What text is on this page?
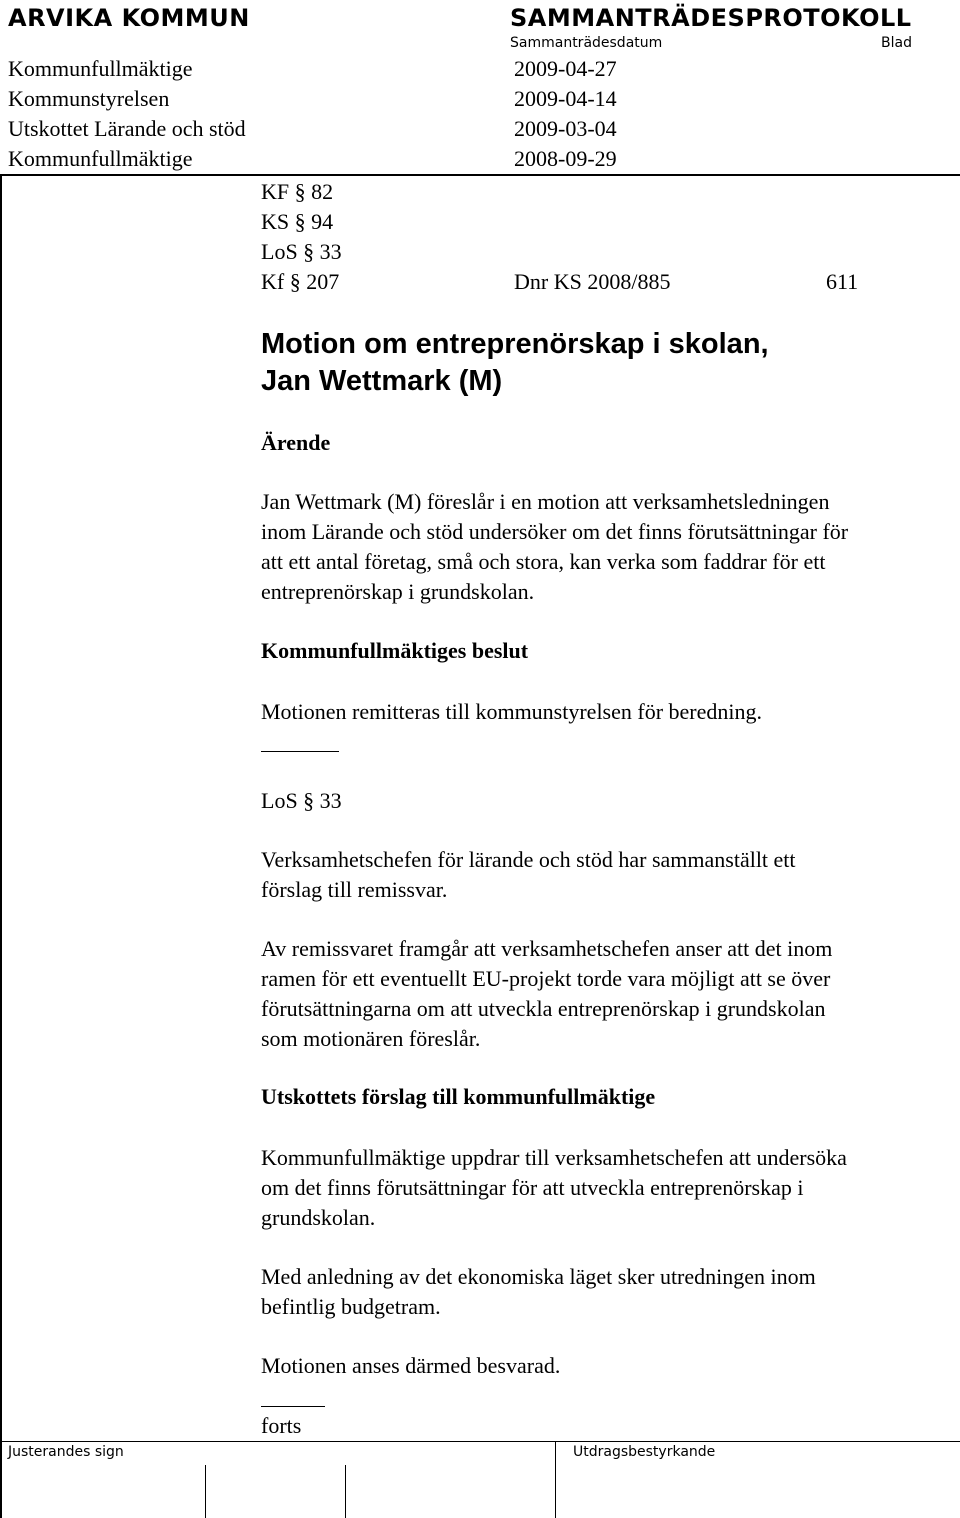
ARVIKA KOMMUN	SAMMANTRÄDESPROTOKOLL
Sammanträdesdatum	Blad
Kommunfullmäktige	2009-04-27
Kommunstyrelsen	2009-04-14
Utskottet Lärande och stöd	2009-03-04
Kommunfullmäktige	2008-09-29
KF § 82
KS § 94
LoS § 33
Kf § 207	Dnr KS 2008/885	611
Motion om entreprenörskap i skolan,
Jan Wettmark (M)
Ärende
Jan Wettmark (M) föreslår i en motion att verksamhetsledningen
inom Lärande och stöd undersöker om det finns förutsättningar för
att ett antal företag, små och stora, kan verka som faddrar för ett
entreprenörskap i grundskolan.
Kommunfullmäktiges beslut
Motionen remitteras till kommunstyrelsen för beredning.
LoS § 33
Verksamhetschefen för lärande och stöd har sammanställt ett
förslag till remissvar.
Av remissvaret framgår att verksamhetschefen anser att det inom
ramen för ett eventuellt EU-projekt torde vara möjligt att se över
förutsättningarna om att utveckla entreprenörskap i grundskolan
som motionären föreslår.
Utskottets förslag till kommunfullmäktige
Kommunfullmäktige uppdrar till verksamhetschefen att undersöka
om det finns förutsättningar för att utveckla entreprenörskap i
grundskolan.
Med anledning av det ekonomiska läget sker utredningen inom
befintlig budgetram.
Motionen anses därmed besvarad.
forts
Justerandes sign	Utdragsbestyrkande
